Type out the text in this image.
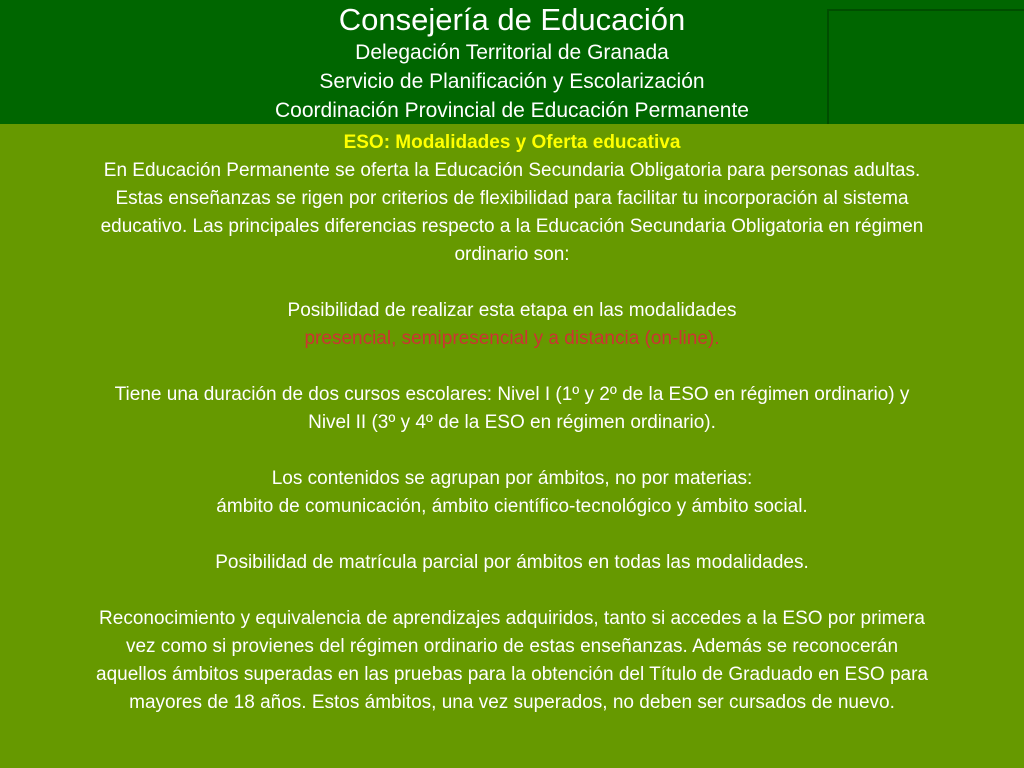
Consejería de Educación
Delegación Territorial de Granada
Servicio de Planificación y Escolarización
Coordinación Provincial de Educación Permanente
ESO: Modalidades y Oferta educativa
En Educación Permanente se oferta la Educación Secundaria Obligatoria para personas adultas.
Estas enseñanzas se rigen por criterios de flexibilidad para facilitar tu incorporación al sistema
educativo. Las principales diferencias respecto a la Educación Secundaria Obligatoria en régimen
ordinario son:
Posibilidad de realizar esta etapa en las modalidades
presencial, semipresencial y a distancia (on-line).
Tiene una duración de dos cursos escolares: Nivel I (1º y 2º de la ESO en régimen ordinario) y
Nivel II (3º y 4º de la ESO en régimen ordinario).
Los contenidos se agrupan por ámbitos, no por materias:
ámbito de comunicación, ámbito científico-tecnológico y ámbito social.
Posibilidad de matrícula parcial por ámbitos en todas las modalidades.
Reconocimiento y equivalencia de aprendizajes adquiridos, tanto si accedes a la ESO por primera
vez como si provienes del régimen ordinario de estas enseñanzas. Además se reconocerán
aquellos ámbitos superadas en las pruebas para la obtención del Título de Graduado en ESO para
mayores de 18 años. Estos ámbitos, una vez superados, no deben ser cursados de nuevo.
